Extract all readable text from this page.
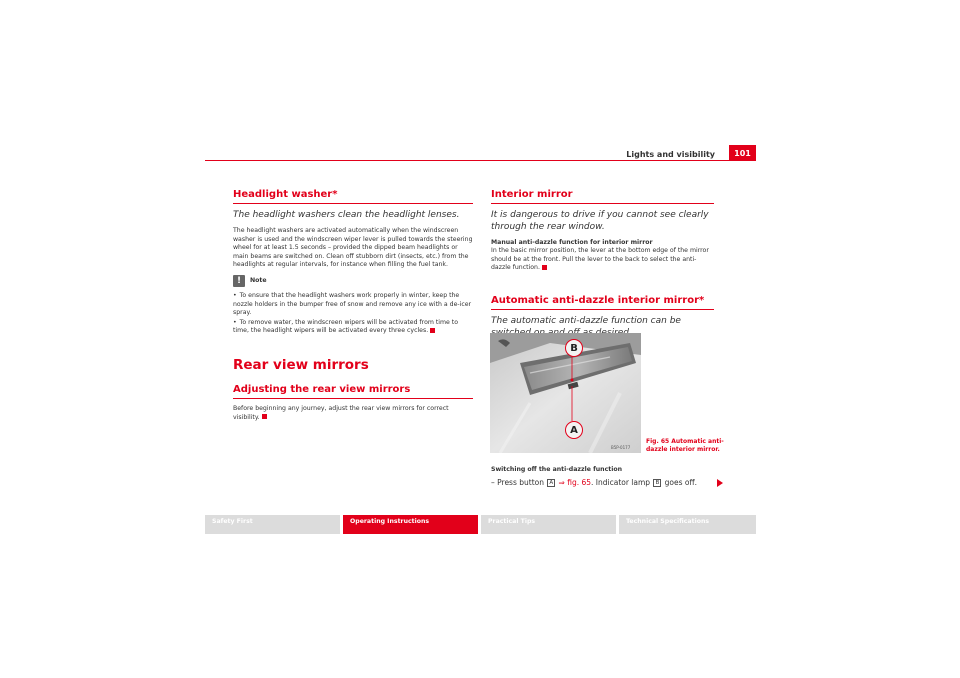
Lights and visibility	101
Headlight washer*
The headlight washers clean the headlight lenses.
The headlight washers are activated automatically when the windscreen washer is used and the windscreen wiper lever is pulled towards the steering wheel for at least 1.5 seconds – provided the dipped beam headlights or main beams are switched on. Clean off stubborn dirt (insects, etc.) from the headlights at regular intervals, for instance when filling the fuel tank.
!	Note
• To ensure that the headlight washers work properly in winter, keep the nozzle holders in the bumper free of snow and remove any ice with a de-icer spray.
• To remove water, the windscreen wipers will be activated from time to time, the headlight wipers will be activated every three cycles.
Rear view mirrors
Adjusting the rear view mirrors
Before beginning any journey, adjust the rear view mirrors for correct visibility.
Interior mirror
It is dangerous to drive if you cannot see clearly through the rear window.
Manual anti-dazzle function for interior mirror
In the basic mirror position, the lever at the bottom edge of the mirror should be at the front. Pull the lever to the back to select the anti-dazzle function.
Automatic anti-dazzle interior mirror*
The automatic anti-dazzle function can be
B
A
B5P-0177
Fig. 65 Automatic anti-dazzle interior mirror.
Switching off the anti-dazzle function
– Press button A ⇒ fig. 65. Indicator lamp B goes off.
Safety First	Operating Instructions	Practical Tips	Technical Specifications
